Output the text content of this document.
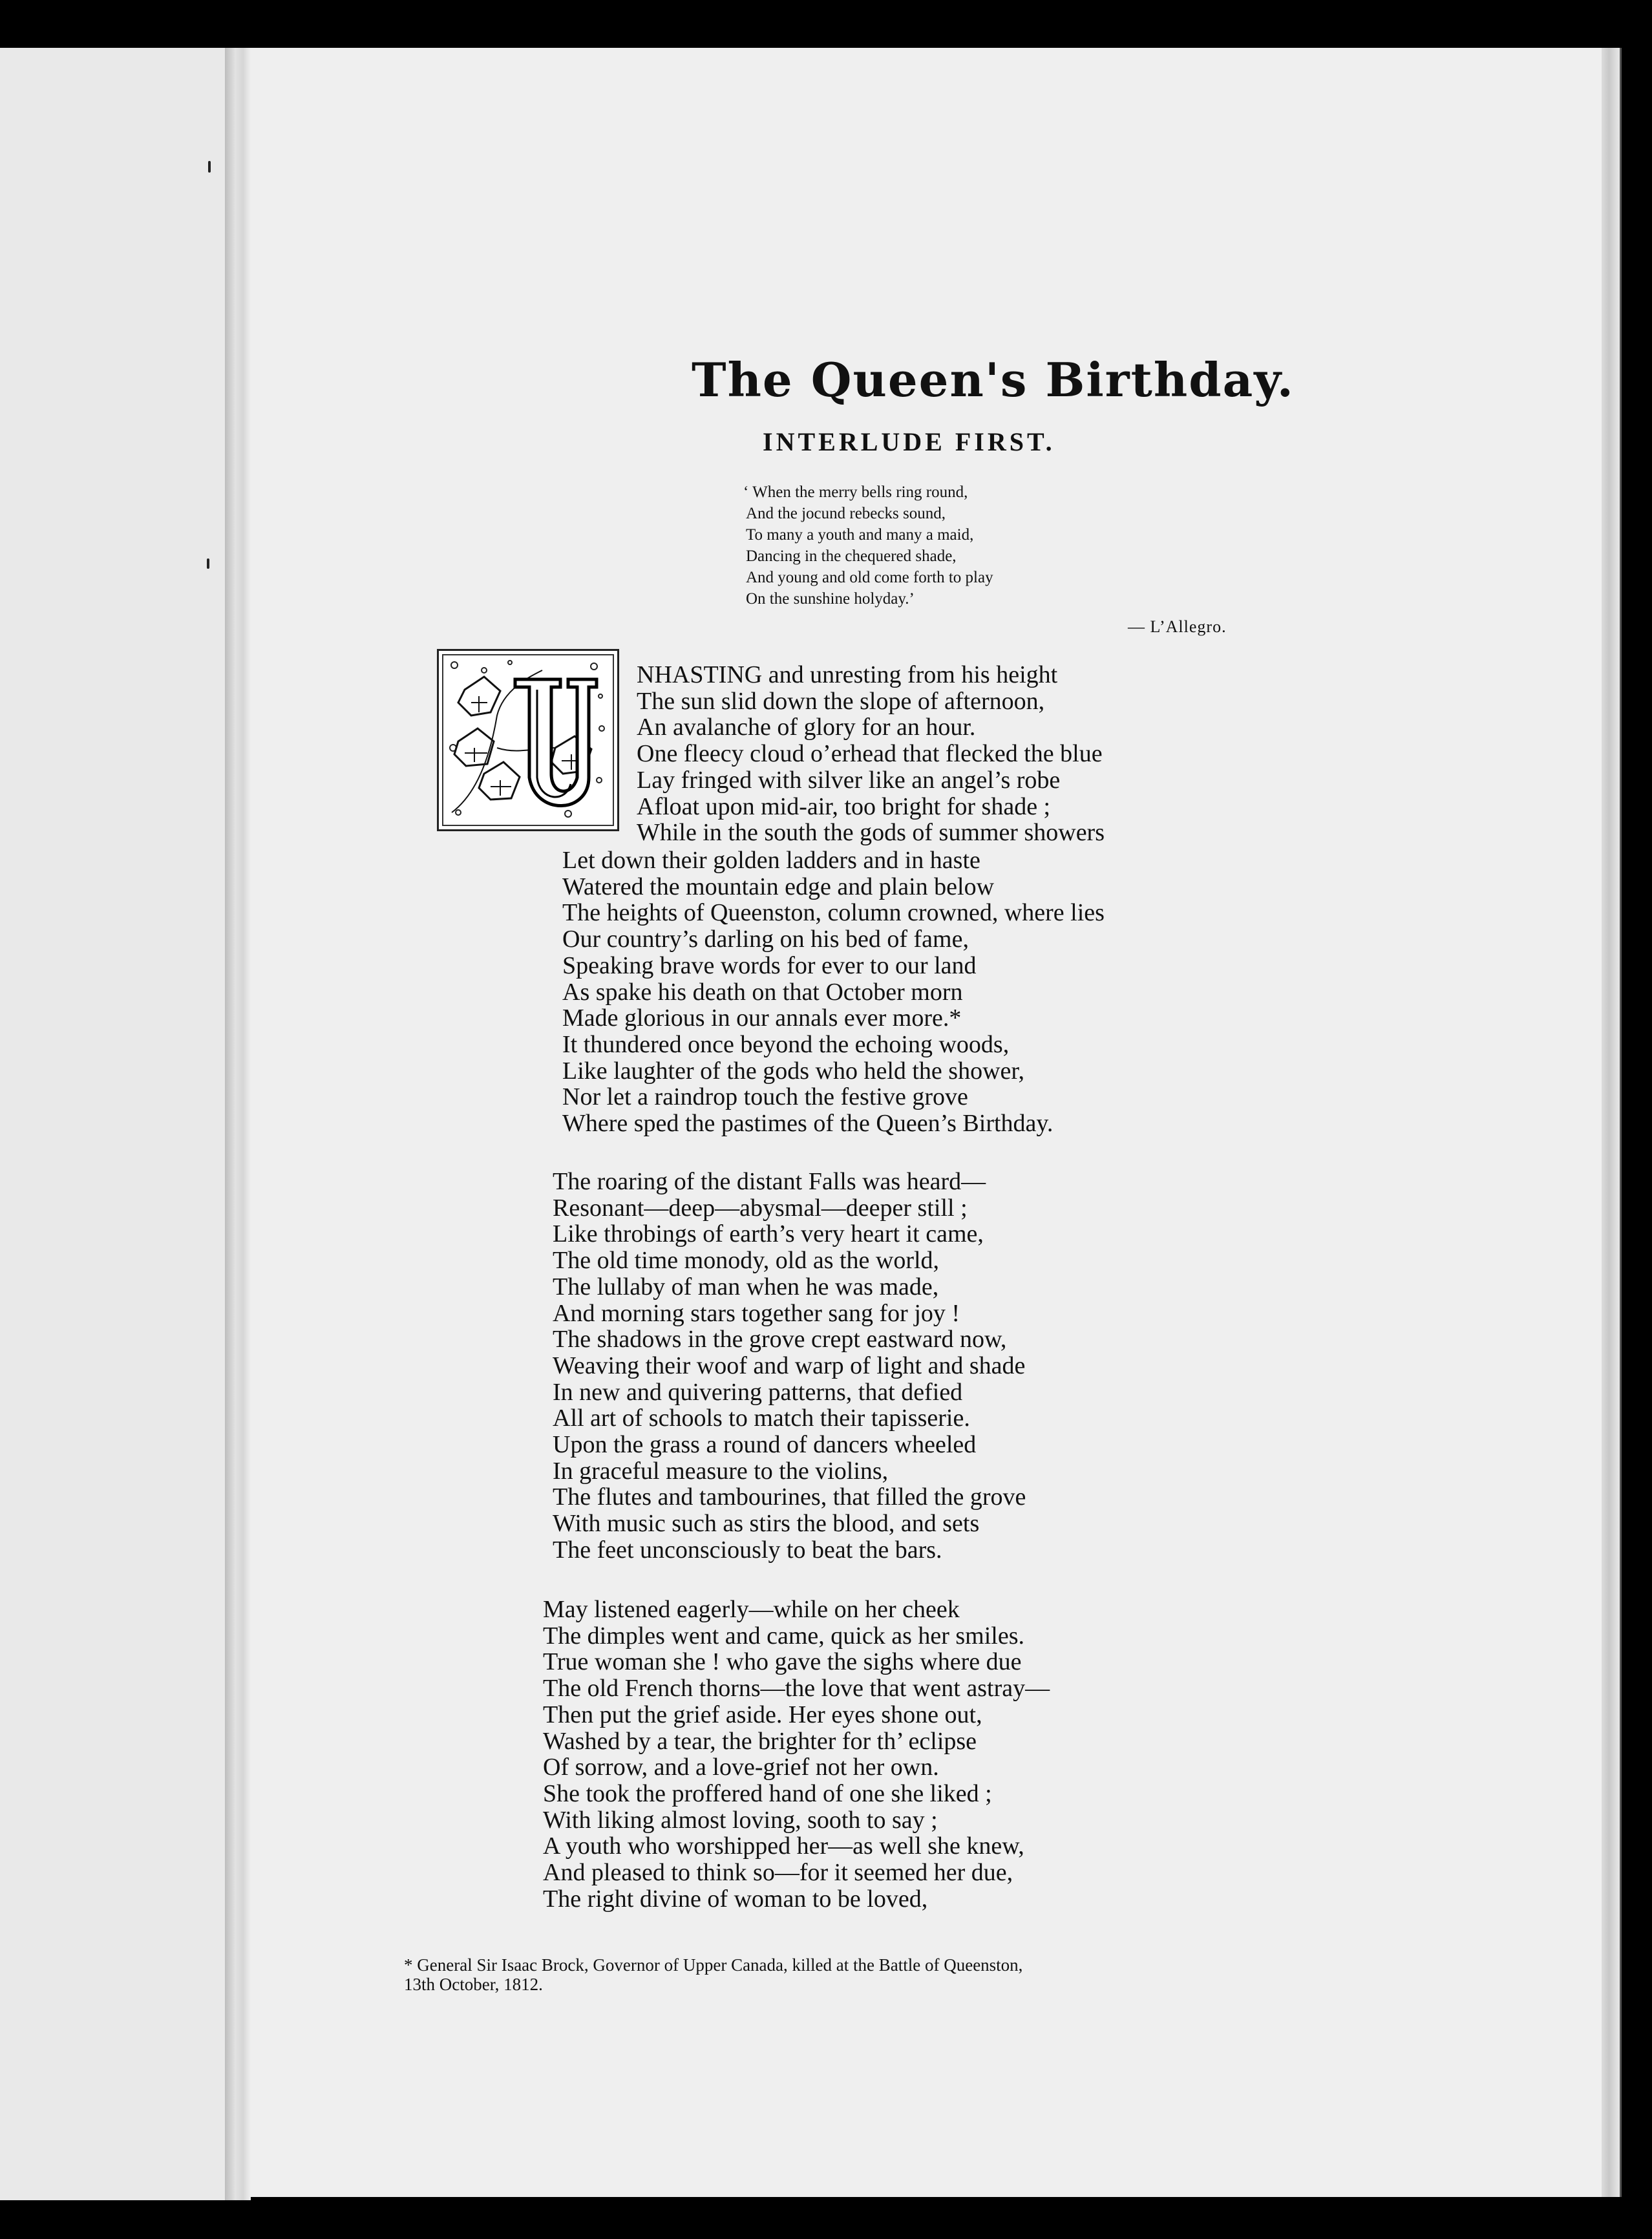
The Queen's Birthday.
INTERLUDE FIRST.
‘ When the merry bells ring round,
And the jocund rebecks sound,
To many a youth and many a maid,
Dancing in the chequered shade,
And young and old come forth to play
On the sunshine holyday.’
— L’Allegro.
NHASTING and unresting from his height
The sun slid down the slope of afternoon,
An avalanche of glory for an hour.
One fleecy cloud o’erhead that flecked the blue
Lay fringed with silver like an angel’s robe
Afloat upon mid-air, too bright for shade ;
While in the south the gods of summer showers
Let down their golden ladders and in haste
Watered the mountain edge and plain below
The heights of Queenston, column crowned, where lies
Our country’s darling on his bed of fame,
Speaking brave words for ever to our land
As spake his death on that October morn
Made glorious in our annals ever more.*
It thundered once beyond the echoing woods,
Like laughter of the gods who held the shower,
Nor let a raindrop touch the festive grove
Where sped the pastimes of the Queen’s Birthday.
The roaring of the distant Falls was heard—
Resonant—deep—abysmal—deeper still ;
Like throbings of earth’s very heart it came,
The old time monody, old as the world,
The lullaby of man when he was made,
And morning stars together sang for joy !
The shadows in the grove crept eastward now,
Weaving their woof and warp of light and shade
In new and quivering patterns, that defied
All art of schools to match their tapisserie.
Upon the grass a round of dancers wheeled
In graceful measure to the violins,
The flutes and tambourines, that filled the grove
With music such as stirs the blood, and sets
The feet unconsciously to beat the bars.
May listened eagerly—while on her cheek
The dimples went and came, quick as her smiles.
True woman she ! who gave the sighs where due
The old French thorns—the love that went astray—
Then put the grief aside. Her eyes shone out,
Washed by a tear, the brighter for th’ eclipse
Of sorrow, and a love-grief not her own.
She took the proffered hand of one she liked ;
With liking almost loving, sooth to say ;
A youth who worshipped her—as well she knew,
And pleased to think so—for it seemed her due,
The right divine of woman to be loved,
* General Sir Isaac Brock, Governor of Upper Canada, killed at the Battle of Queenston,
13th October, 1812.
